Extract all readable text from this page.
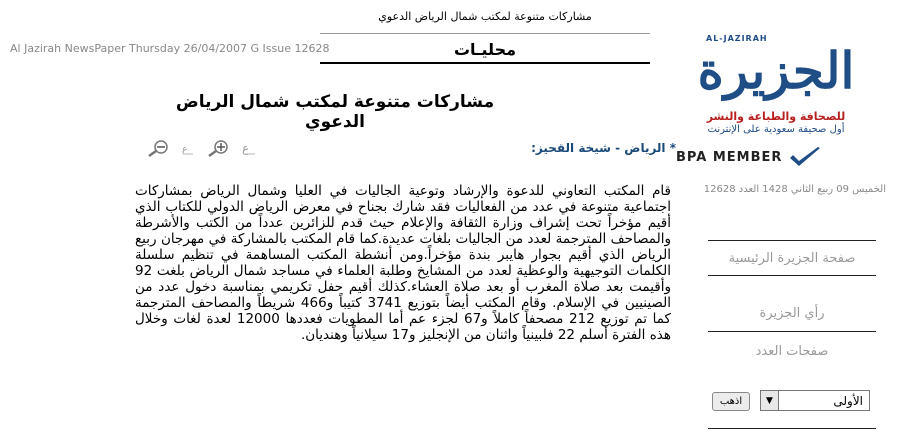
مشاركات متنوعة لمكتب شمال الرياض الدعوي
محليـات
Al Jazirah NewsPaper Thursday 26/04/2007 G Issue 12628
مشاركات متنوعة لمكتب شمال الرياض الدعوي
ع	ع	* الرياض - شيخة القحيز:
AL-JAZIRAH
الجزيرة
للصحافة والطباعة والنشر
أول صحيفة سعودية على الإنترنت
BPA MEMBER
الخميس 09 ربيع الثاني 1428 العدد 12628
قام المكتب التعاوني للدعوة والإرشاد وتوعية الجاليات في العليا وشمال الرياض بمشاركات اجتماعية متنوعة في عدد من الفعاليات فقد شارك بجناح في معرض الرياض الدولي للكتاب الذي أقيم مؤخراً تحت إشراف وزارة الثقافة والإعلام حيث قدم للزائرين عدداً من الكتب والأشرطة والمصاحف المترجمة لعدد من الجاليات بلغات عديدة.كما قام المكتب بالمشاركة في مهرجان ربيع الرياض الذي أقيم بجوار هايبر بندة مؤخراً.ومن أنشطة المكتب المساهمة في تنظيم سلسلة الكلمات التوجيهية والوعظية لعدد من المشايخ وطلبة العلماء في مساجد شمال الرياض بلغت 92 وأقيمت بعد صلاة المغرب أو بعد صلاة العشاء.كذلك أقيم حفل تكريمي بمناسبة دخول عدد من الصينيين في الإسلام. وقام المكتب أيضاً بتوزيع 3741 كتيباً و466 شريطاً والمصاحف المترجمة كما تم توزيع 212 مصحفاً كاملاً و67 لجزء عم أما المطويات فعددها 12000 لعدة لغات وخلال هذه الفترة أسلم 22 فلبينياً واثنان من الإنجليز و17 سيلانياً وهنديان.
صفحة الجزيرة الرئيسية
رأي الجزيرة
صفحات العدد
▼	الأولى
اذهب
